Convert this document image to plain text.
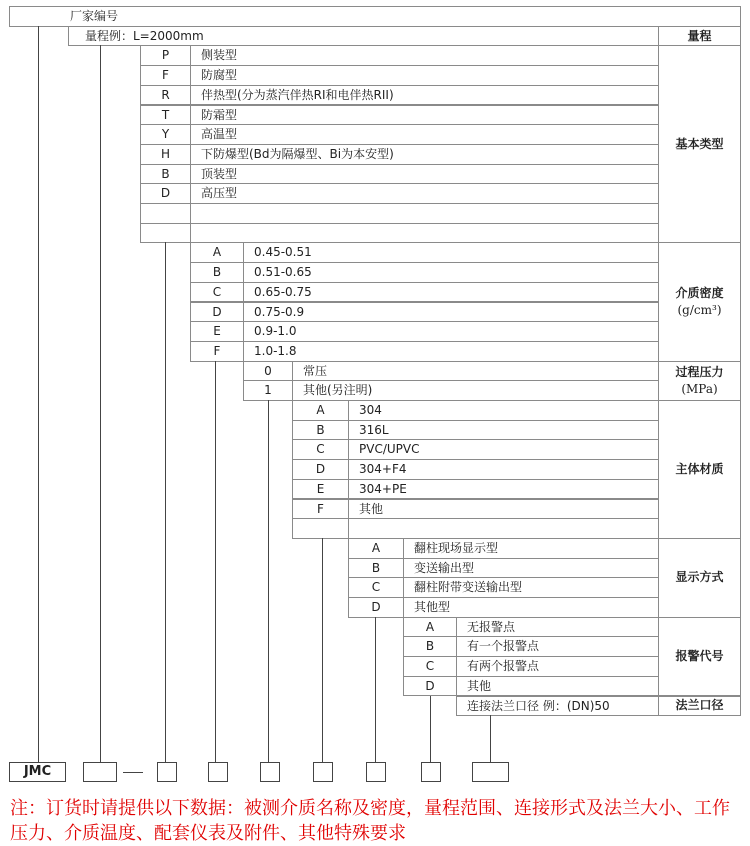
厂家编号
量程例：L=2000mm	量程
P	侧装型
F	防腐型
R	伴热型(分为蒸汽伴热RI和电伴热RII)
T	防霜型
Y	高温型
H	下防爆型(Bd为隔爆型、Bi为本安型)
B	顶装型
D	高压型
基本类型
A	0.45-0.51
B	0.51-0.65
C	0.65-0.75
D	0.75-0.9
E	0.9-1.0
F	1.0-1.8
介质密度
(g/cm³)
0	常压
1	其他(另注明)
过程压力
(MPa)
A	304
B	316L
C	PVC/UPVC
D	304+F4
E	304+PE
F	其他
主体材质
A	翻柱现场显示型
B	变送输出型
C	翻柱附带变送输出型
D	其他型
显示方式
A	无报警点
B	有一个报警点
C	有两个报警点
D	其他
报警代号
连接法兰口径 例：(DN)50	法兰口径
JMC
注：订货时请提供以下数据：被测介质名称及密度，量程范围、连接形式及法兰大小、工作压力、介质温度、配套仪表及附件、其他特殊要求
